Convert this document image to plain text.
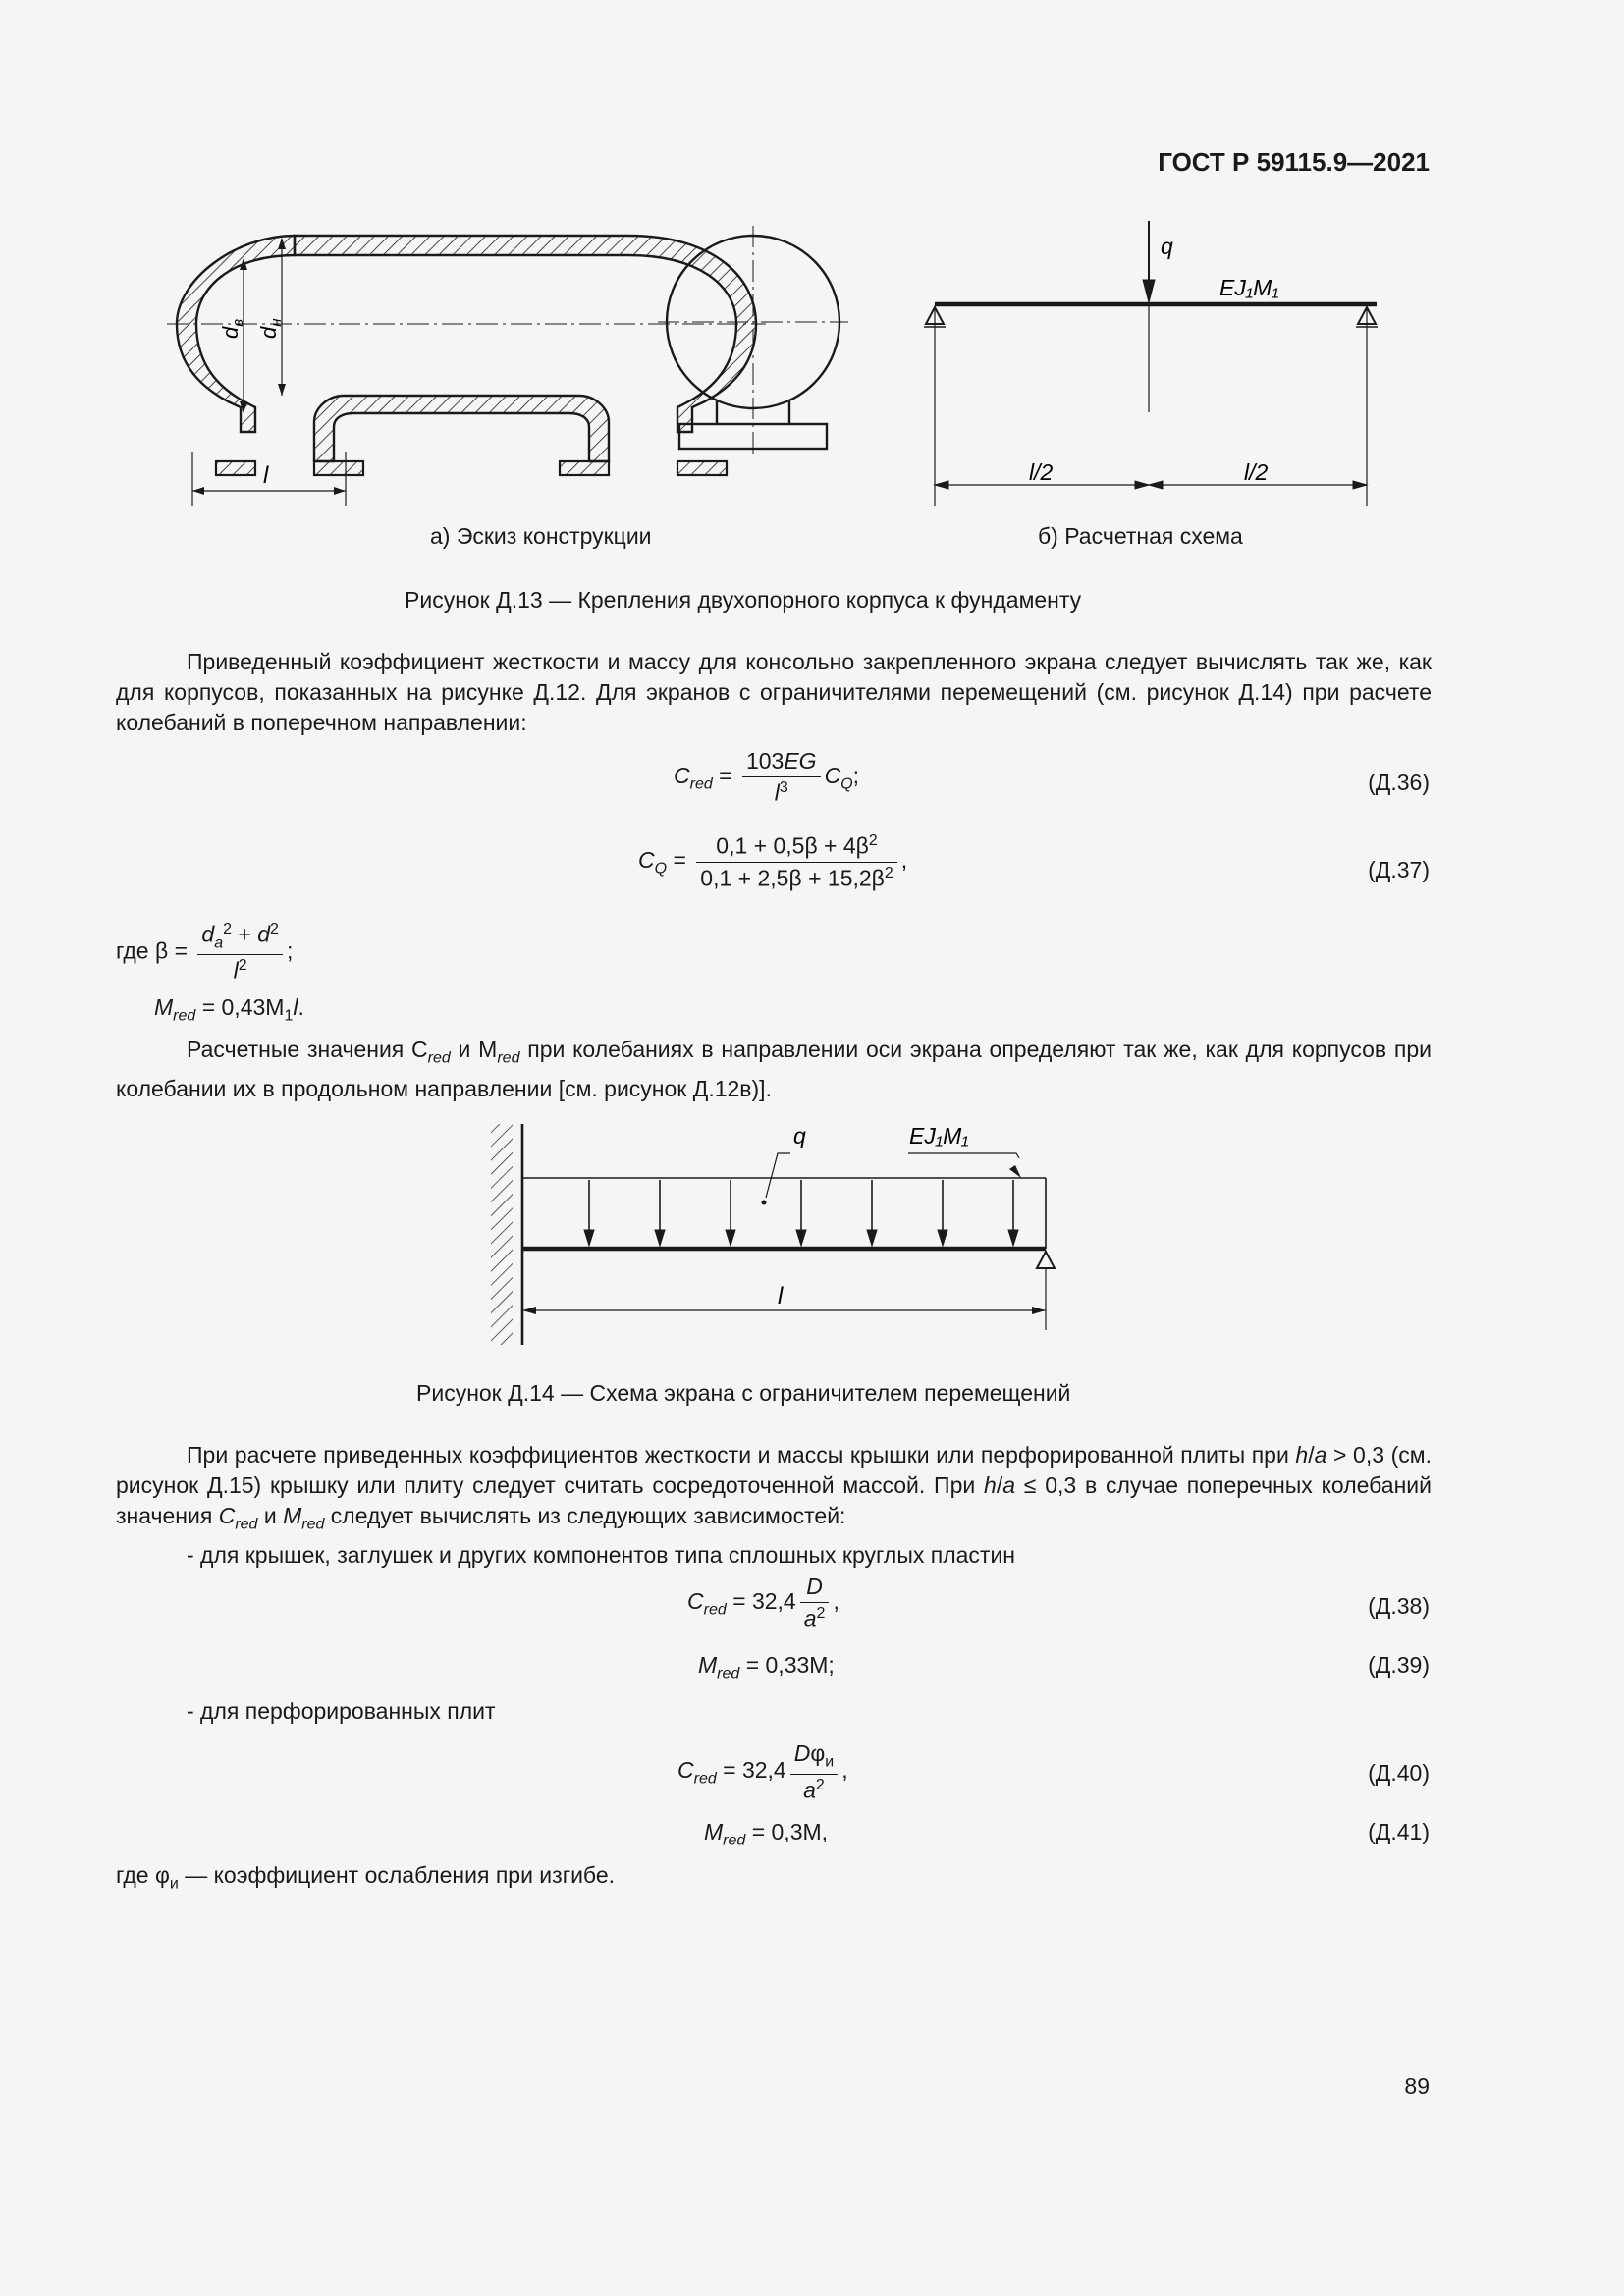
ГОСТ Р 59115.9—2021
l
$d_в$
$d_н$
q
EJ₁M₁
l/2	l/2
а) Эскиз конструкции	б) Расчетная схема
Рисунок Д.13 — Крепления двухопорного корпуса к фундаменту

Приведенный коэффициент жесткости и массу для консольно закрепленного экрана следует вычислять так же, как для корпусов, показанных на рисунке Д.12. Для экранов с ограничителями перемещений (см. рисунок Д.14) при расчете колебаний в поперечном направлении:

$C_{red} = \frac{103EG}{l^3} C_Q$;	(Д.36)
$C_Q = \frac{0,1 + 0,5\beta + 4\beta^2}{0,1 + 2,5\beta + 15,2\beta^2}$ ,	(Д.37)
где $\beta = \frac{d_a^2 + d^2}{l^2}$ ;
$M_{red} = 0,43M_1l$.

Расчетные значения $C_{red}$ и $M_{red}$ при колебаниях в направлении оси экрана определяют так же, как для корпусов при колебании их в продольном направлении [см. рисунок Д.12в)].

q	EJ₁M₁
l
Рисунок Д.14 — Схема экрана с ограничителем перемещений

При расчете приведенных коэффициентов жесткости и массы крышки или перфорированной плиты при h/a > 0,3 (см. рисунок Д.15) крышку или плиту следует считать сосредоточенной массой. При h/a ≤ 0,3 в случае поперечных колебаний значения $C_{red}$ и $M_{red}$ следует вычислять из следующих зависимостей:

- для крышек, заглушек и других компонентов типа сплошных круглых пластин

$C_{red} = 32,4 \frac{D}{a^2}$ ,	(Д.38)
$M_{red} = 0,33M$;	(Д.39)

- для перфорированных плит

$C_{red} = 32,4 \frac{D\varphi_и}{a^2}$ ,	(Д.40)
$M_{red} = 0,3M$,	(Д.41)
где $\varphi_и$ — коэффициент ослабления при изгибе.
89
